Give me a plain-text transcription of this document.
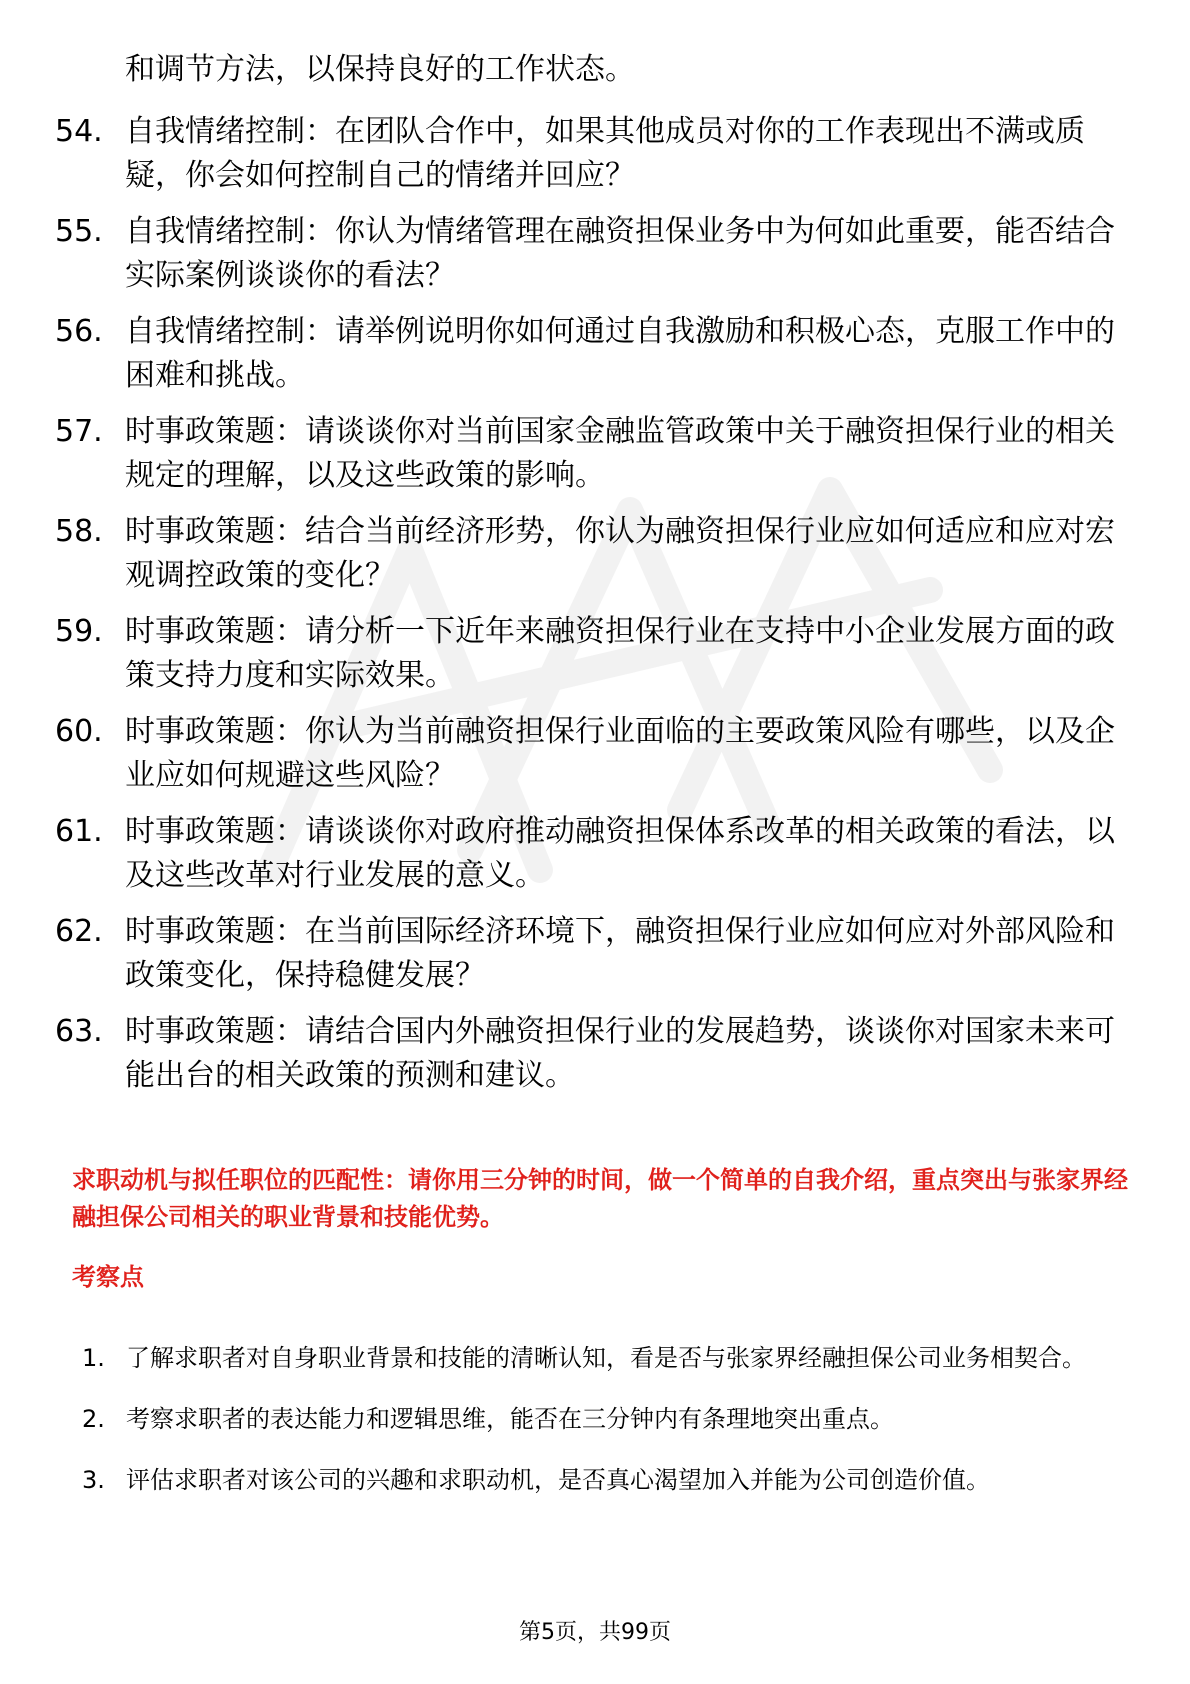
和调节方法，以保持良好的工作状态。

54. 自我情绪控制：在团队合作中，如果其他成员对你的工作表现出不满或质疑，你会如何控制自己的情绪并回应？
55. 自我情绪控制：你认为情绪管理在融资担保业务中为何如此重要，能否结合实际案例谈谈你的看法？
56. 自我情绪控制：请举例说明你如何通过自我激励和积极心态，克服工作中的困难和挑战。
57. 时事政策题：请谈谈你对当前国家金融监管政策中关于融资担保行业的相关规定的理解，以及这些政策的影响。
58. 时事政策题：结合当前经济形势，你认为融资担保行业应如何适应和应对宏观调控政策的变化？
59. 时事政策题：请分析一下近年来融资担保行业在支持中小企业发展方面的政策支持力度和实际效果。
60. 时事政策题：你认为当前融资担保行业面临的主要政策风险有哪些，以及企业应如何规避这些风险？
61. 时事政策题：请谈谈你对政府推动融资担保体系改革的相关政策的看法，以及这些改革对行业发展的意义。
62. 时事政策题：在当前国际经济环境下，融资担保行业应如何应对外部风险和政策变化，保持稳健发展？
63. 时事政策题：请结合国内外融资担保行业的发展趋势，谈谈你对国家未来可能出台的相关政策的预测和建议。

求职动机与拟任职位的匹配性：请你用三分钟的时间，做一个简单的自我介绍，重点突出与张家界经融担保公司相关的职业背景和技能优势。

考察点

1. 了解求职者对自身职业背景和技能的清晰认知，看是否与张家界经融担保公司业务相契合。
2. 考察求职者的表达能力和逻辑思维，能否在三分钟内有条理地突出重点。
3. 评估求职者对该公司的兴趣和求职动机，是否真心渴望加入并能为公司创造价值。

第5页，共99页
